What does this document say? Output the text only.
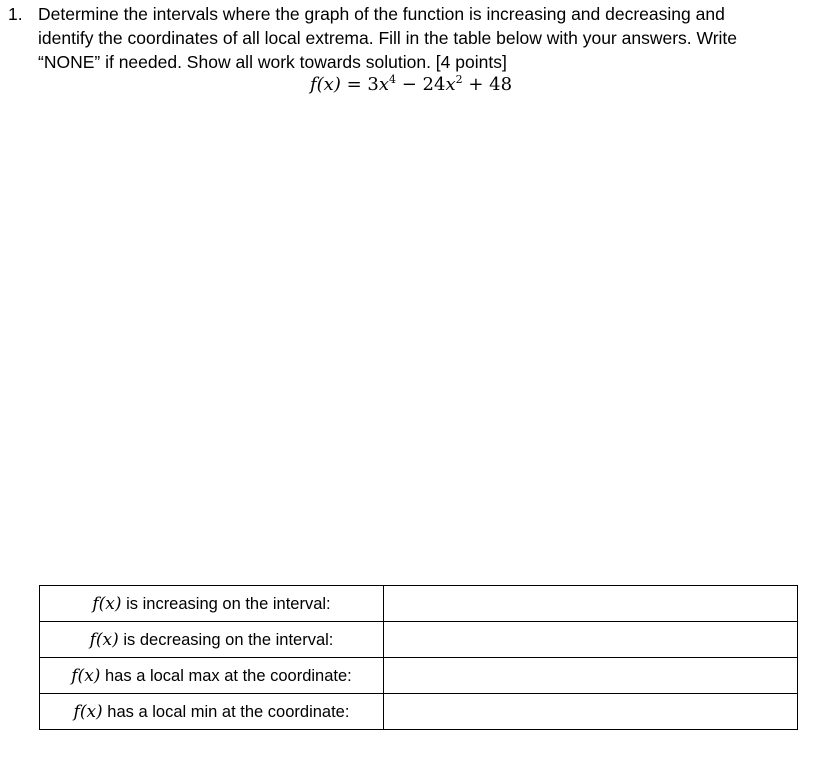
1. Determine the intervals where the graph of the function is increasing and decreasing and
identify the coordinates of all local extrema. Fill in the table below with your answers. Write
“NONE” if needed. Show all work towards solution. [4 points]
$f(x) = 3x^4 - 24x^2 + 48$
f(x) is increasing on the interval:	
f(x) is decreasing on the interval:	
f(x) has a local max at the coordinate:	
f(x) has a local min at the coordinate:	
